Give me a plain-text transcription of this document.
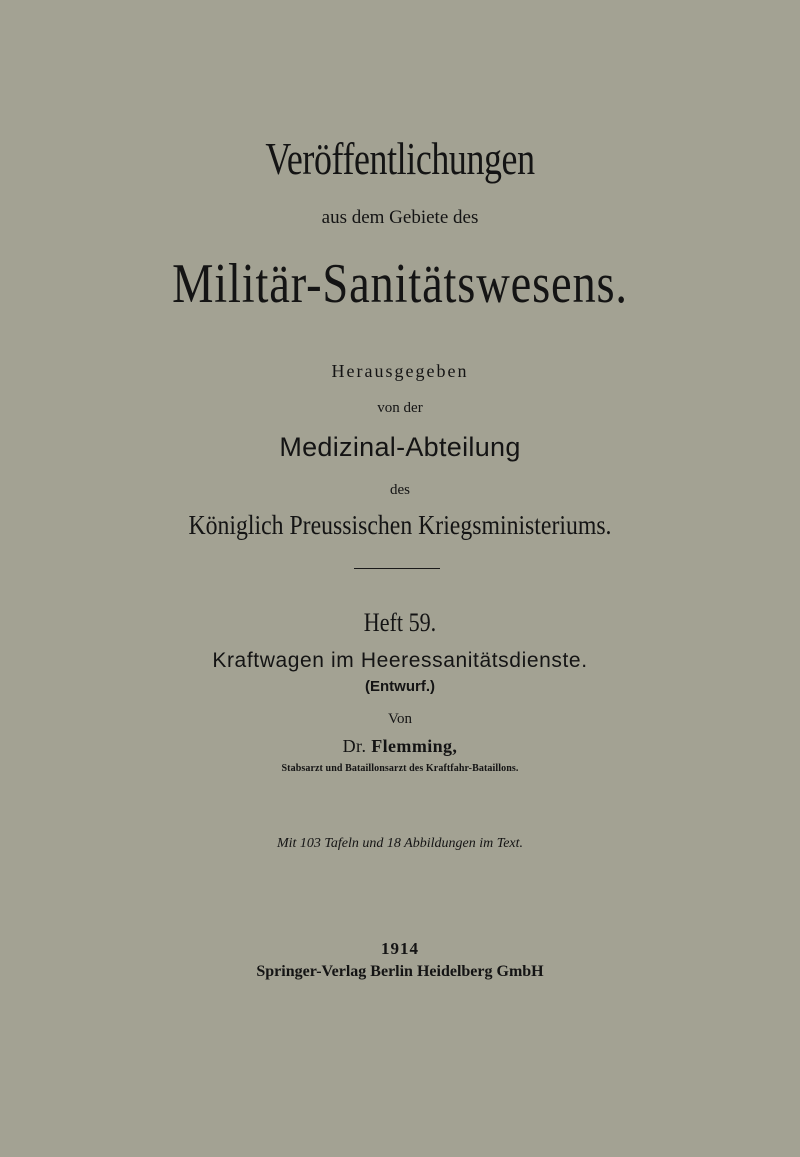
Veröffentlichungen
aus dem Gebiete des
Militär-Sanitätswesens.
Herausgegeben
von der
Medizinal-Abteilung
des
Königlich Preussischen Kriegsministeriums.
Heft 59.
Kraftwagen im Heeressanitätsdienste.
(Entwurf.)
Von
Dr. Flemming,
Stabsarzt und Bataillonsarzt des Kraftfahr-Bataillons.
Mit 103 Tafeln und 18 Abbildungen im Text.
1914
Springer-Verlag Berlin Heidelberg GmbH
